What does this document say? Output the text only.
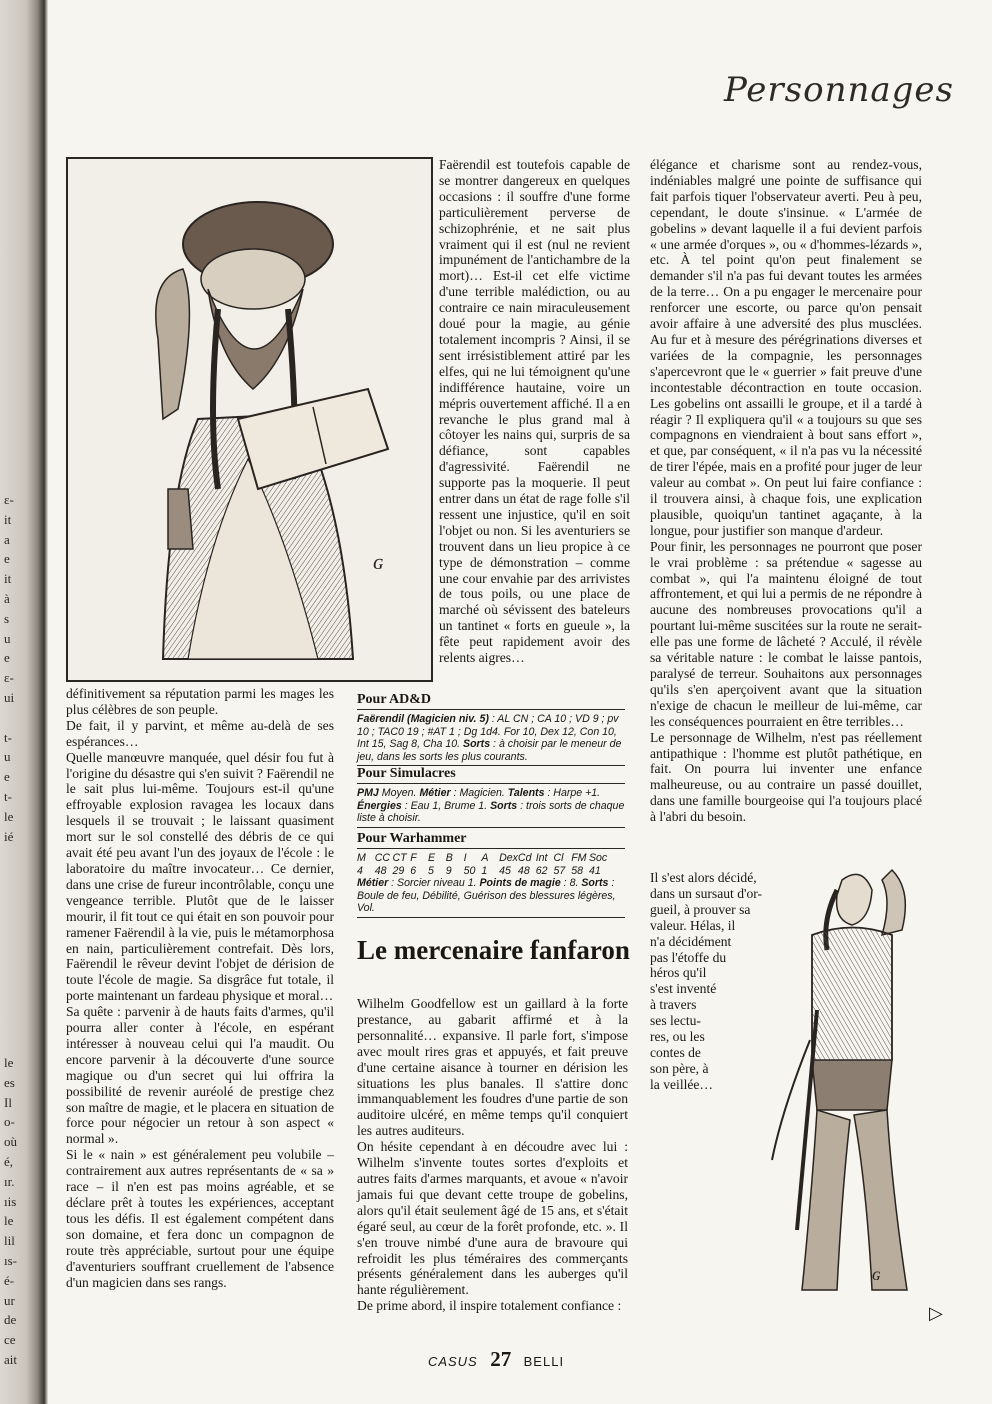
ɛ-
it
a
e
it
à
s
u
e
ɛ-
ui
t-
u
e
t-
le
ié
le
es
Il
o-
où
é,
ır.
ıis
le
lil
ıs-
é-
ur
de
ce
ait
Personnages
ɢ

définitivement sa réputation parmi les mages les plus célèbres de son peuple.

De fait, il y parvint, et même au-delà de ses espérances…

Quelle manœuvre manquée, quel désir fou fut à l'origine du désastre qui s'en suivit ? Faërendil ne le sait plus lui-même. Toujours est-il qu'une effroyable explosion ravagea les locaux dans lesquels il se trouvait ; le laissant quasiment mort sur le sol constellé des débris de ce qui avait été peu avant l'un des joyaux de l'école : le laboratoire du maître invocateur… Ce dernier, dans une crise de fureur incontrôlable, conçu une vengeance terrible. Plutôt que de le laisser mourir, il fit tout ce qui était en son pouvoir pour ramener Faërendil à la vie, puis le métamorphosa en nain, particulièrement contrefait. Dès lors, Faërendil le rêveur devint l'objet de dérision de toute l'école de magie. Sa disgrâce fut totale, il porte maintenant un fardeau physique et moral…

Sa quête : parvenir à de hauts faits d'armes, qu'il pourra aller conter à l'école, en espérant intéresser à nouveau celui qui l'a maudit. Ou encore parvenir à la découverte d'une source magique ou d'un secret qui lui offrira la possibilité de revenir auréolé de prestige chez son maître de magie, et le placera en situation de force pour négocier un retour à son aspect « normal ».

Si le « nain » est généralement peu volubile – contrairement aux autres représentants de « sa » race – il n'en est pas moins agréable, et se déclare prêt à toutes les expériences, acceptant tous les défis. Il est également compétent dans son domaine, et fera donc un compagnon de route très appréciable, surtout pour une équipe d'aventuriers souffrant cruellement de l'absence d'un magicien dans ses rangs.

Faërendil est toutefois capable de se montrer dangereux en quelques occasions : il souffre d'une forme particulièrement perverse de schizophrénie, et ne sait plus vraiment qui il est (nul ne revient impunément de l'antichambre de la mort)… Est-il cet elfe victime d'une terrible malédiction, ou au contraire ce nain miraculeusement doué pour la magie, au génie totalement incompris ? Ainsi, il se sent irrésistiblement attiré par les elfes, qui ne lui témoignent qu'une indifférence hautaine, voire un mépris ouvertement affiché. Il a en revanche le plus grand mal à côtoyer les nains qui, surpris de sa défiance, sont capables d'agressivité. Faërendil ne supporte pas la moquerie. Il peut entrer dans un état de rage folle s'il ressent une injustice, qu'il en soit l'objet ou non. Si les aventuriers se trouvent dans un lieu propice à ce type de démonstration – comme une cour envahie par des arrivistes de tous poils, ou une place de marché où sévissent des bateleurs un tantinet « forts en gueule », la fête peut rapidement avoir des relents aigres…

Pour AD&D
Faërendil (Magicien niv. 5) : AL CN ; CA 10 ; VD 9 ; pv 10 ; TAC0 19 ; #AT 1 ; Dg 1d4. For 10, Dex 12, Con 10, Int 15, Sag 8, Cha 10. Sorts : à choisir par le meneur de jeu, dans les sorts les plus courants.
Pour Simulacres
PMJ Moyen. Métier : Magicien. Talents : Harpe +1. Énergies : Eau 1, Brume 1. Sorts : trois sorts de chaque liste à choisir.
Pour Warhammer
M CC CT F	E	B	I	A	Dex Cd Int Cl FM Soc
4	48 29 6	5	9	50 1	45 48 62 57 58 41
Métier : Sorcier niveau 1. Points de magie : 8. Sorts : Boule de feu, Débilité, Guérison des blessures légères, Vol.
Le mercenaire fanfaron

Wilhelm Goodfellow est un gaillard à la forte prestance, au gabarit affirmé et à la personnalité… expansive. Il parle fort, s'impose avec moult rires gras et appuyés, et fait preuve d'une certaine aisance à tourner en dérision les situations les plus banales. Il s'attire donc immanquablement les foudres d'une partie de son auditoire ulcéré, en même temps qu'il conquiert les autres auditeurs.

On hésite cependant à en découdre avec lui : Wilhelm s'invente toutes sortes d'exploits et autres faits d'armes marquants, et avoue « n'avoir jamais fui que devant cette troupe de gobelins, alors qu'il était seulement âgé de 15 ans, et s'était égaré seul, au cœur de la forêt profonde, etc. ». Il s'en trouve nimbé d'une aura de bravoure qui refroidit les plus téméraires des commerçants présents généralement dans les auberges qu'il hante régulièrement.

De prime abord, il inspire totalement confiance :

élégance et charisme sont au rendez-vous, indéniables malgré une pointe de suffisance qui fait parfois tiquer l'observateur averti. Peu à peu, cependant, le doute s'insinue. « L'armée de gobelins » devant laquelle il a fui devient parfois « une armée d'orques », ou « d'hommes-lézards », etc. À tel point qu'on peut finalement se demander s'il n'a pas fui devant toutes les armées de la terre… On a pu engager le mercenaire pour renforcer une escorte, ou parce qu'on pensait avoir affaire à une adversité des plus musclées. Au fur et à mesure des pérégrinations diverses et variées de la compagnie, les personnages s'apercevront que le « guerrier » fait preuve d'une incontestable décontraction en toute occasion. Les gobelins ont assailli le groupe, et il a tardé à réagir ? Il expliquera qu'il « a toujours su que ses compagnons en viendraient à bout sans effort », et que, par conséquent, « il n'a pas vu la nécessité de tirer l'épée, mais en a profité pour juger de leur valeur au combat ». On peut lui faire confiance : il trouvera ainsi, à chaque fois, une explication plausible, quoiqu'un tantinet agaçante, à la longue, pour justifier son manque d'ardeur.

Pour finir, les personnages ne pourront que poser le vrai problème : sa prétendue « sagesse au combat », qui l'a maintenu éloigné de tout affrontement, et qui lui a permis de ne répondre à aucune des nombreuses provocations qu'il a pourtant lui-même suscitées sur la route ne serait-elle pas une forme de lâcheté ? Acculé, il révèle sa véritable nature : le combat le laisse pantois, paralysé de terreur. Souhaitons aux personnages qu'ils s'en aperçoivent avant que la situation n'exige de chacun le meilleur de lui-même, car les conséquences pourraient en être terribles…

Le personnage de Wilhelm, n'est pas réellement antipathique : l'homme est plutôt pathétique, en fait. On pourra lui inventer une enfance malheureuse, ou au contraire un passé douillet, dans une famille bourgeoise qui l'a toujours placé à l'abri du besoin.

Il s'est alors décidé,
dans un sursaut d'or-
gueil, à prouver sa
valeur. Hélas, il
n'a décidément
pas l'étoffe du
héros qu'il
s'est inventé
à travers
ses lectu-
res, ou les
contes de
son père, à
la veillée…
ɢ
CASUS 27 BELLI
▷
